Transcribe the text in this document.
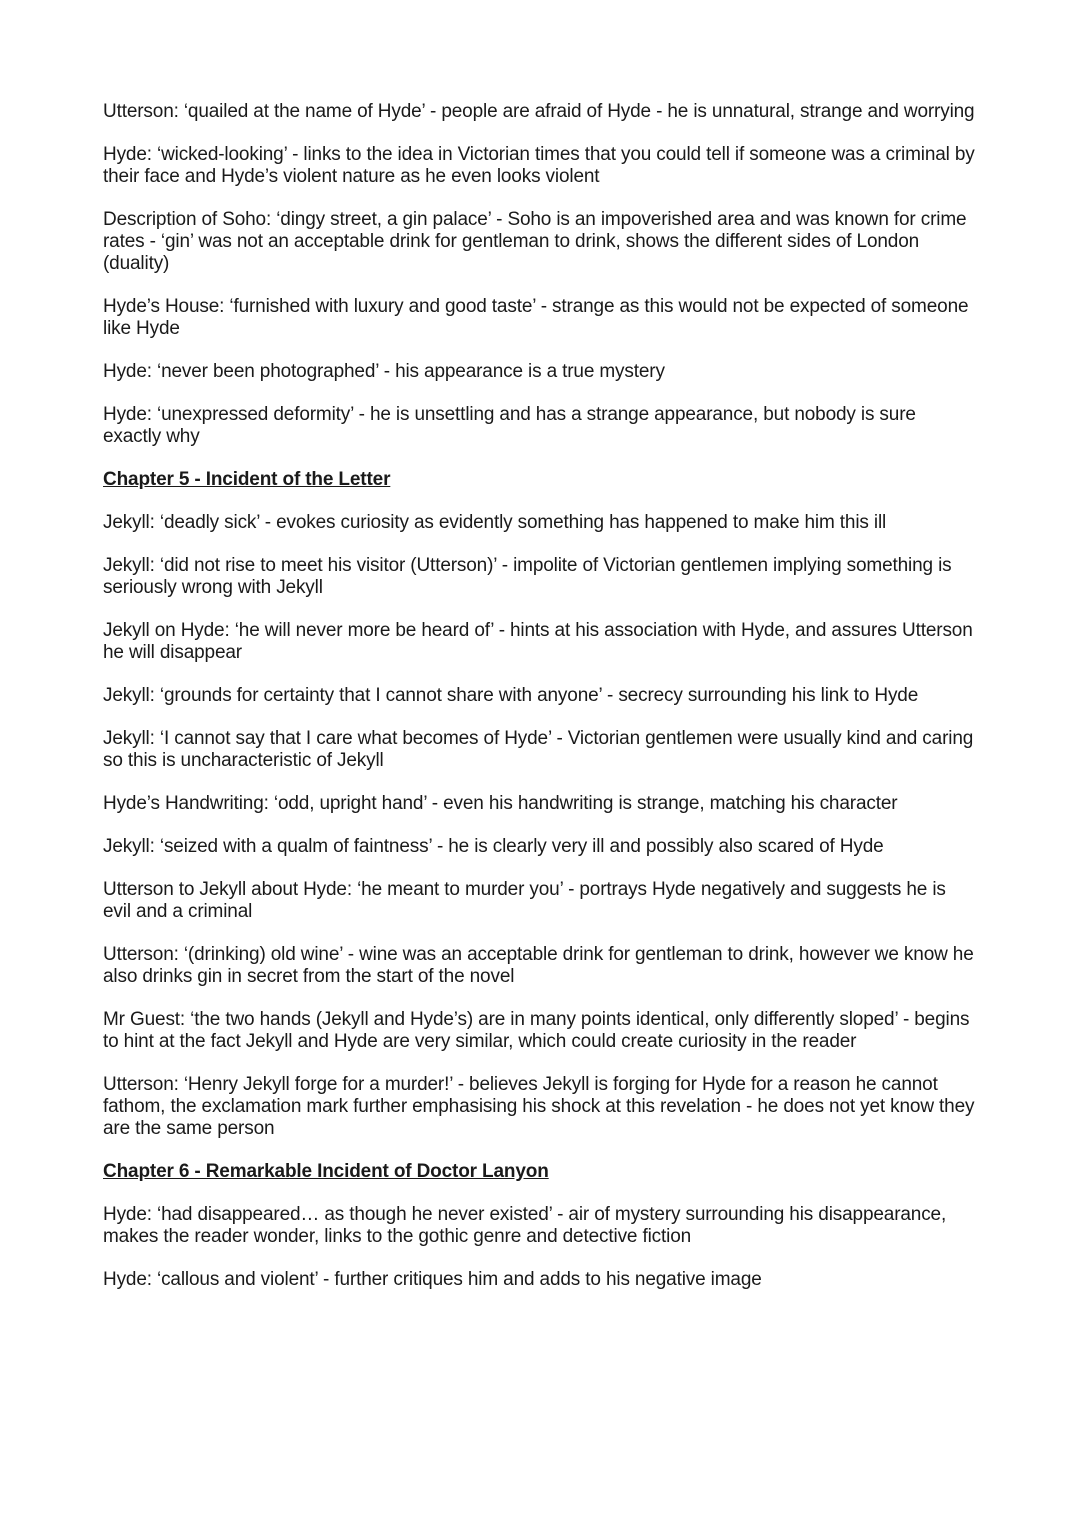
Utterson: ‘quailed at the name of Hyde’ - people are afraid of Hyde - he is unnatural, strange and worrying

Hyde: ‘wicked-looking’ - links to the idea in Victorian times that you could tell if someone was a criminal by their face and Hyde’s violent nature as he even looks violent

Description of Soho: ‘dingy street, a gin palace’ - Soho is an impoverished area and was known for crime rates - ‘gin’ was not an acceptable drink for gentleman to drink, shows the different sides of London (duality)

Hyde’s House: ‘furnished with luxury and good taste’ - strange as this would not be expected of someone like Hyde

Hyde: ‘never been photographed’ - his appearance is a true mystery

Hyde: ‘unexpressed deformity’ - he is unsettling and has a strange appearance, but nobody is sure exactly why

Chapter 5 - Incident of the Letter

Jekyll: ‘deadly sick’ - evokes curiosity as evidently something has happened to make him this ill

Jekyll: ‘did not rise to meet his visitor (Utterson)’ - impolite of Victorian gentlemen implying something is seriously wrong with Jekyll

Jekyll on Hyde: ‘he will never more be heard of’ - hints at his association with Hyde, and assures Utterson he will disappear

Jekyll: ‘grounds for certainty that I cannot share with anyone’ - secrecy surrounding his link to Hyde

Jekyll: ‘I cannot say that I care what becomes of Hyde’ - Victorian gentlemen were usually kind and caring so this is uncharacteristic of Jekyll

Hyde’s Handwriting: ‘odd, upright hand’ - even his handwriting is strange, matching his character

Jekyll: ‘seized with a qualm of faintness’ - he is clearly very ill and possibly also scared of Hyde

Utterson to Jekyll about Hyde: ‘he meant to murder you’ - portrays Hyde negatively and suggests he is evil and a criminal

Utterson: ‘(drinking) old wine’ - wine was an acceptable drink for gentleman to drink, however we know he also drinks gin in secret from the start of the novel

Mr Guest: ‘the two hands (Jekyll and Hyde’s) are in many points identical, only differently sloped’ - begins to hint at the fact Jekyll and Hyde are very similar, which could create curiosity in the reader

Utterson: ‘Henry Jekyll forge for a murder!’ - believes Jekyll is forging for Hyde for a reason he cannot fathom, the exclamation mark further emphasising his shock at this revelation - he does not yet know they are the same person

Chapter 6 - Remarkable Incident of Doctor Lanyon

Hyde: ‘had disappeared… as though he never existed’ - air of mystery surrounding his disappearance, makes the reader wonder, links to the gothic genre and detective fiction

Hyde: ‘callous and violent’ - further critiques him and adds to his negative image
